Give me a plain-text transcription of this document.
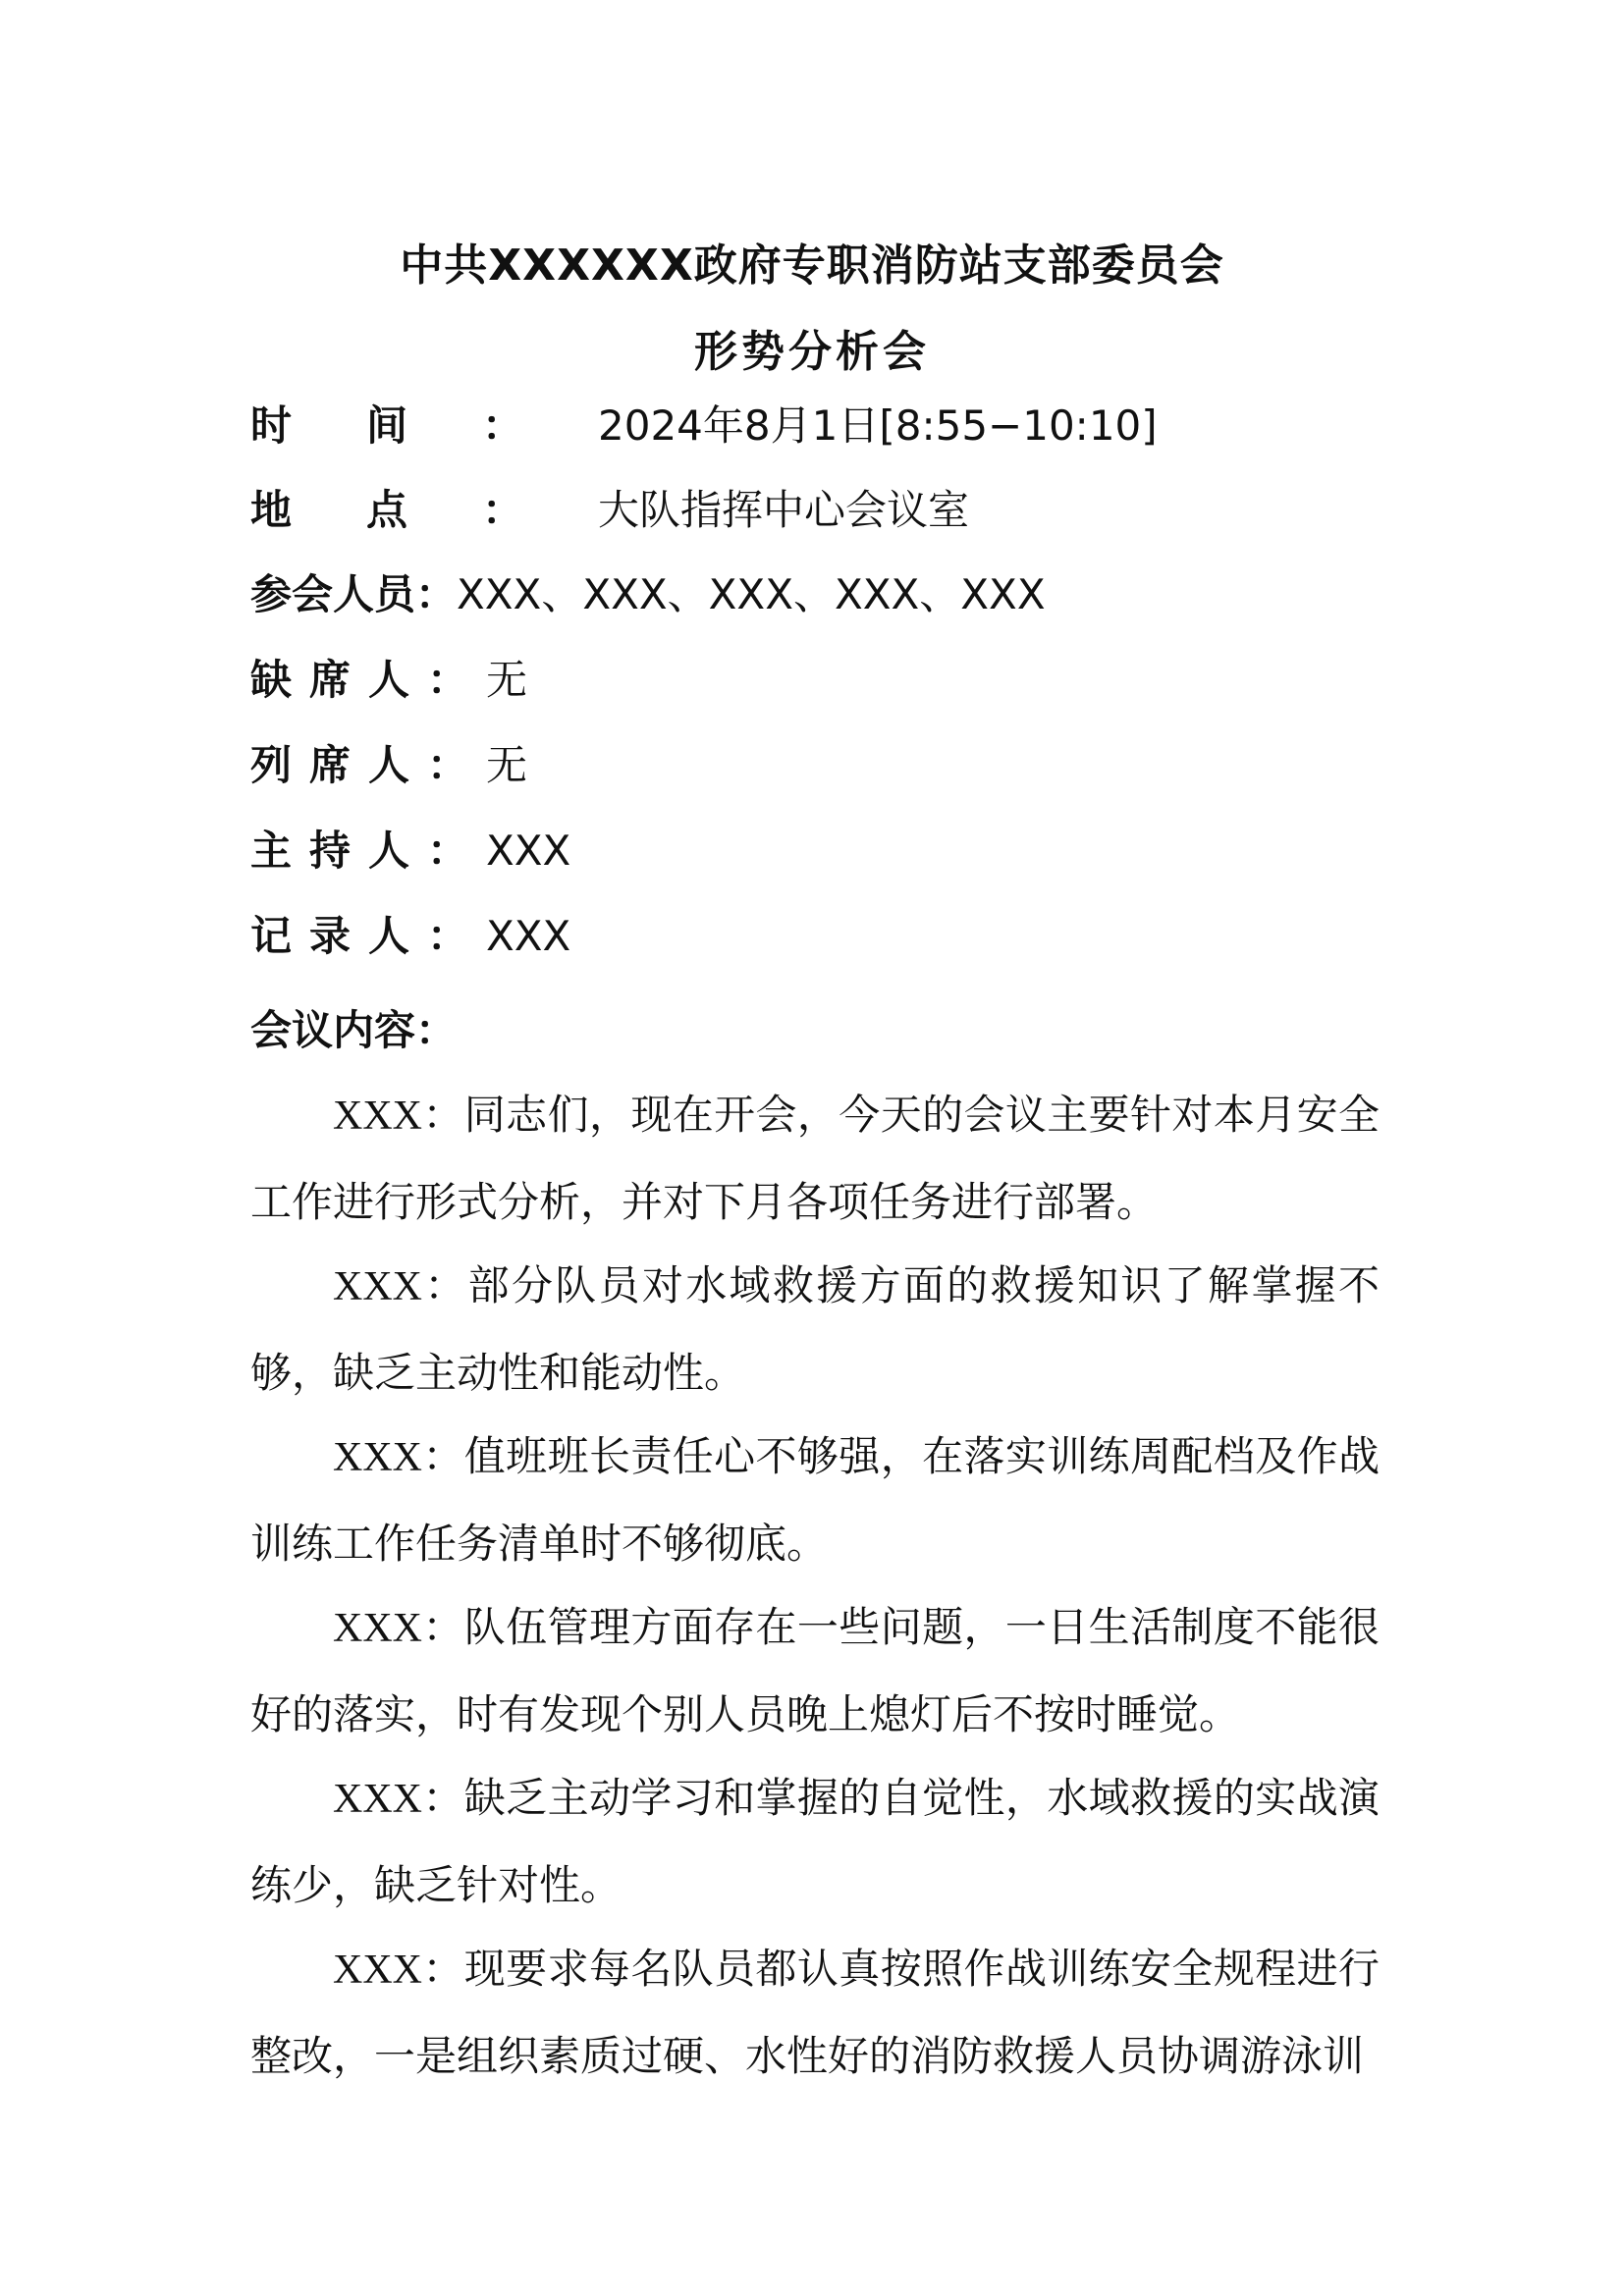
中共XXXXXX政府专职消防站支部委员会
形势分析会
时间：2024年8月1日[8:55−10:10]
地点：大队指挥中心会议室
参会人员：XXX、XXX、XXX、XXX、XXX
缺席人：无
列席人：无
主持人：XXX
记录人：XXX
会议内容：
XXX：同志们，现在开会，今天的会议主要针对本月安全工作进行形式分析，并对下月各项任务进行部署。
XXX：部分队员对水域救援方面的救援知识了解掌握不够，缺乏主动性和能动性。
XXX：值班班长责任心不够强，在落实训练周配档及作战训练工作任务清单时不够彻底。
XXX：队伍管理方面存在一些问题，一日生活制度不能很好的落实，时有发现个别人员晚上熄灯后不按时睡觉。
XXX：缺乏主动学习和掌握的自觉性，水域救援的实战演练少，缺乏针对性。
XXX：现要求每名队员都认真按照作战训练安全规程进行整改，一是组织素质过硬、水性好的消防救援人员协调游泳训
